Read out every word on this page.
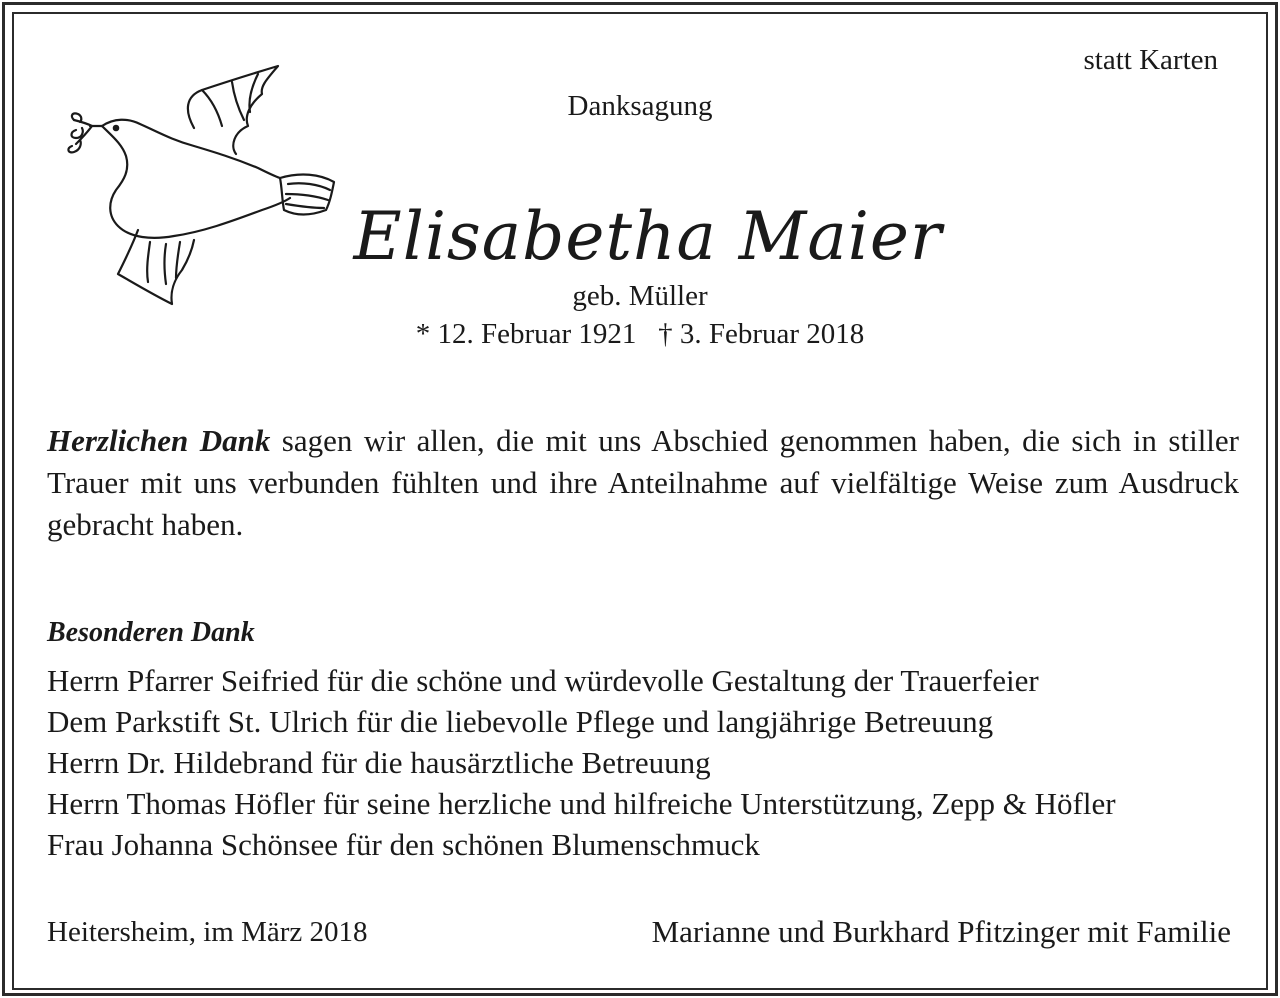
statt Karten
Danksagung
Elisabetha Maier
geb. Müller
* 12. Februar 1921   † 3. Februar 2018
Herzlichen Dank sagen wir allen, die mit uns Abschied genommen haben, die sich in stiller Trauer mit uns verbunden fühlten und ihre Anteilnahme auf vielfältige Weise zum Ausdruck gebracht haben.
Besonderen Dank
Herrn Pfarrer Seifried für die schöne und würdevolle Gestaltung der Trauerfeier
Dem Parkstift St. Ulrich für die liebevolle Pflege und langjährige Betreuung
Herrn Dr. Hildebrand für die hausärztliche Betreuung
Herrn Thomas Höfler für seine herzliche und hilfreiche Unterstützung, Zepp & Höfler
Frau Johanna Schönsee für den schönen Blumenschmuck
Heitersheim, im März 2018	Marianne und Burkhard Pfitzinger mit Familie
